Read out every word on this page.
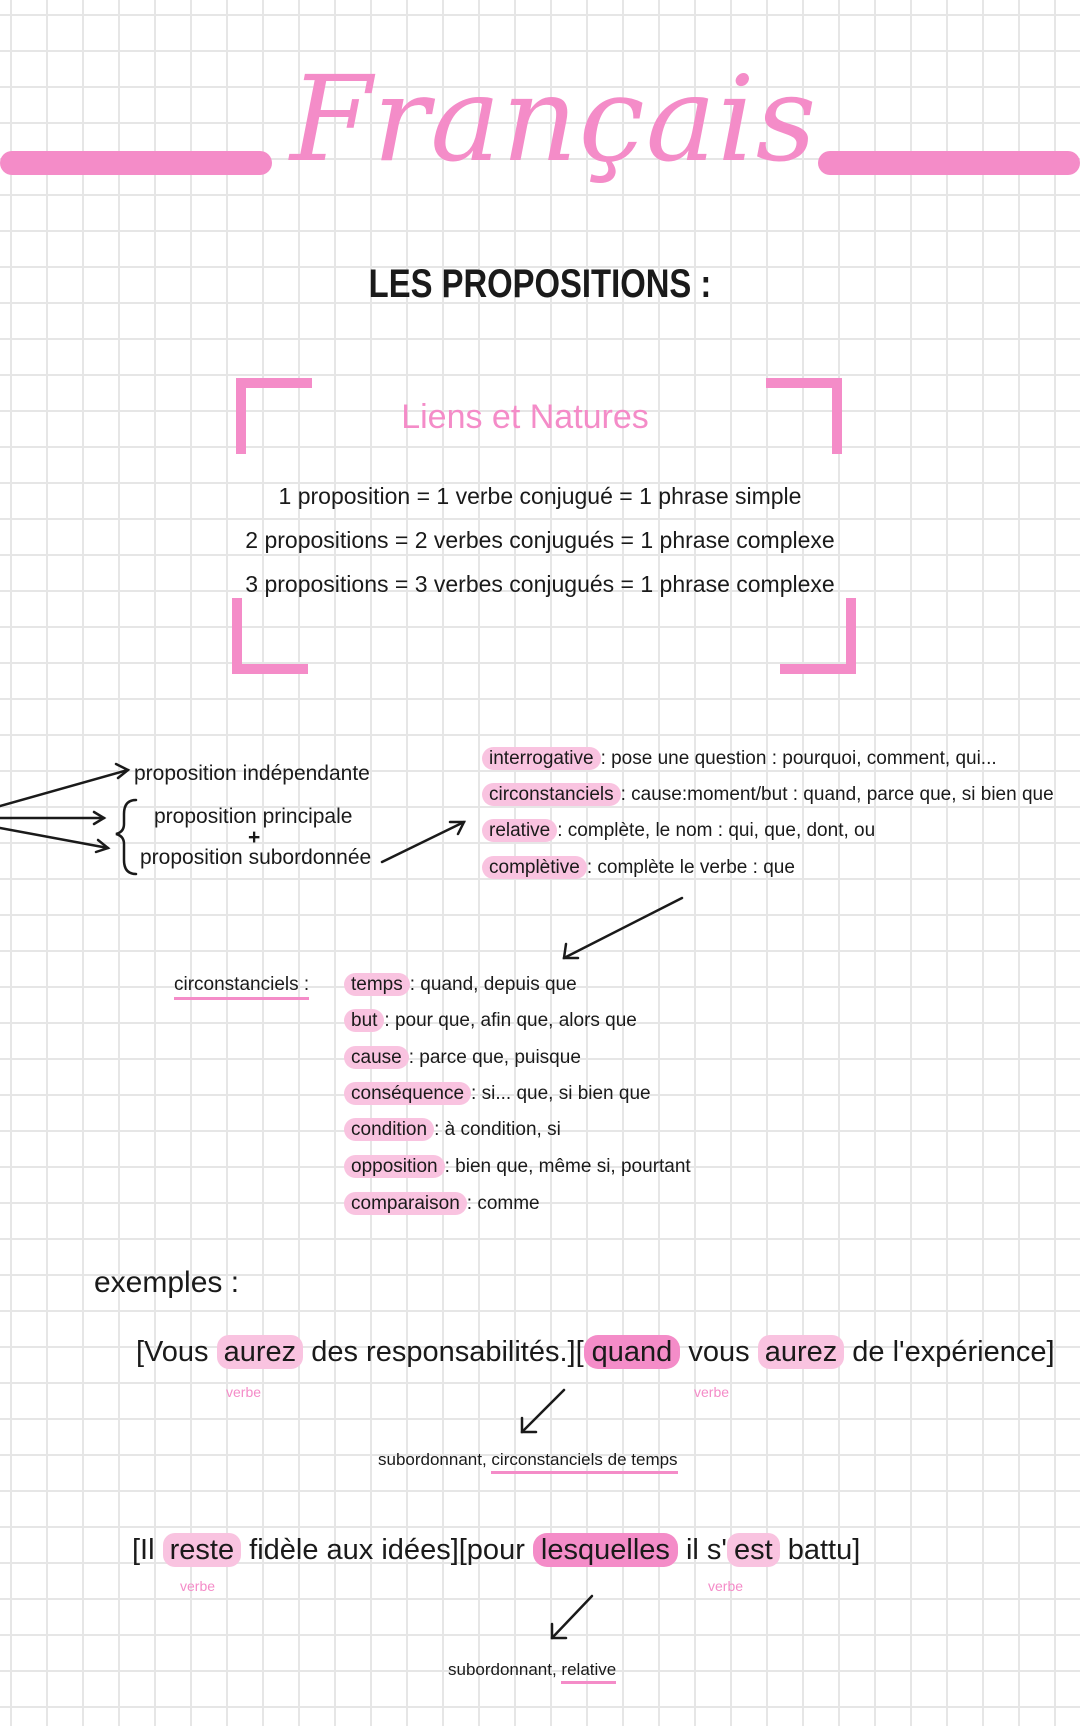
Français
LES PROPOSITIONS :
Liens et Natures
1 proposition = 1 verbe conjugué = 1 phrase simple
2 propositions = 2 verbes conjugués = 1 phrase complexe
3 propositions = 3 verbes conjugués = 1 phrase complexe
proposition indépendante
proposition principale
+
proposition subordonnée
interrogative : pose une question : pourquoi, comment, qui...
circonstanciels : cause:moment/but : quand, parce que, si bien que
relative : complète, le nom : qui, que, dont, ou
complètive : complète le verbe : que
circonstanciels :	temps : quand, depuis que
but : pour que, afin que, alors que
cause : parce que, puisque
conséquence : si... que, si bien que
condition : à condition, si
opposition : bien que, même si, pourtant
comparaison : comme
exemples :
[Vous aurez des responsabilités.][ quand vous aurez de l'expérience]
verbe	verbe
subordonnant, circonstanciels de temps
[Il reste fidèle aux idées][pour lesquelles il s' est battu]
verbe	verbe
subordonnant, relative
